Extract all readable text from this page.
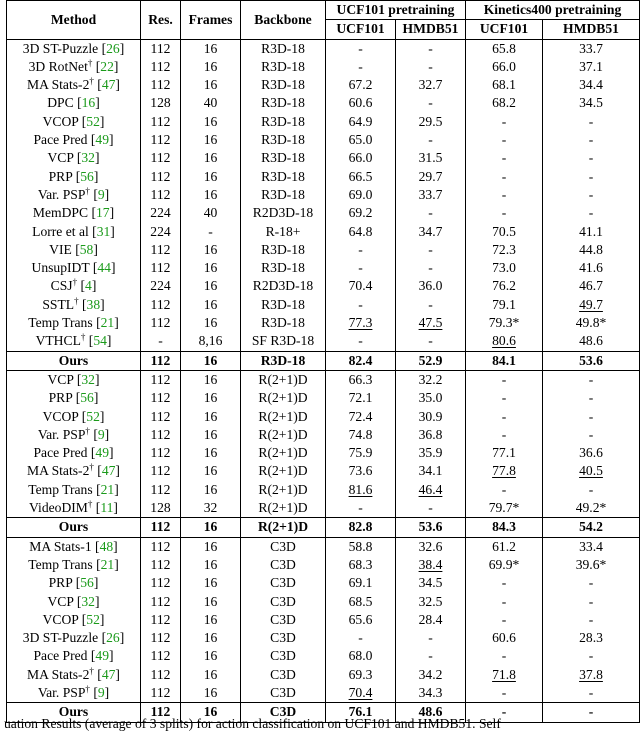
Method	Res.	Frames	Backbone	UCF101 pretraining		Kinetics400 pretraining	
				UCF101	HMDB51	UCF101	HMDB51
3D ST-Puzzle [26]	112	16	R3D-18	-	-	65.8	33.7
3D RotNet† [22]	112	16	R3D-18	-	-	66.0	37.1
MA Stats-2† [47]	112	16	R3D-18	67.2	32.7	68.1	34.4
DPC [16]	128	40	R3D-18	60.6	-	68.2	34.5
VCOP [52]	112	16	R3D-18	64.9	29.5	-	-
Pace Pred [49]	112	16	R3D-18	65.0	-	-	-
VCP [32]	112	16	R3D-18	66.0	31.5	-	-
PRP [56]	112	16	R3D-18	66.5	29.7	-	-
Var. PSP† [9]	112	16	R3D-18	69.0	33.7	-	-
MemDPC [17]	224	40	R2D3D-18	69.2	-	-	-
Lorre et al [31]	224	-	R-18+	64.8	34.7	70.5	41.1
VIE [58]	112	16	R3D-18	-	-	72.3	44.8
UnsupIDT [44]	112	16	R3D-18	-	-	73.0	41.6
CSJ† [4]	224	16	R2D3D-18	70.4	36.0	76.2	46.7
SSTL† [38]	112	16	R3D-18	-	-	79.1	49.7
Temp Trans [21]	112	16	R3D-18	77.3	47.5	79.3*	49.8*
VTHCL† [54]	-	8,16	SF R3D-18	-	-	80.6	48.6
Ours	112	16	R3D-18	82.4	52.9	84.1	53.6
VCP [32]	112	16	R(2+1)D	66.3	32.2	-	-
PRP [56]	112	16	R(2+1)D	72.1	35.0	-	-
VCOP [52]	112	16	R(2+1)D	72.4	30.9	-	-
Var. PSP† [9]	112	16	R(2+1)D	74.8	36.8	-	-
Pace Pred [49]	112	16	R(2+1)D	75.9	35.9	77.1	36.6
MA Stats-2† [47]	112	16	R(2+1)D	73.6	34.1	77.8	40.5
Temp Trans [21]	112	16	R(2+1)D	81.6	46.4	-	-
VideoDIM† [11]	128	32	R(2+1)D	-	-	79.7*	49.2*
Ours	112	16	R(2+1)D	82.8	53.6	84.3	54.2
MA Stats-1 [48]	112	16	C3D	58.8	32.6	61.2	33.4
Temp Trans [21]	112	16	C3D	68.3	38.4	69.9*	39.6*
PRP [56]	112	16	C3D	69.1	34.5	-	-
VCP [32]	112	16	C3D	68.5	32.5	-	-
VCOP [52]	112	16	C3D	65.6	28.4	-	-
3D ST-Puzzle [26]	112	16	C3D	-	-	60.6	28.3
Pace Pred [49]	112	16	C3D	68.0	-	-	-
MA Stats-2† [47]	112	16	C3D	69.3	34.2	71.8	37.8
Var. PSP† [9]	112	16	C3D	70.4	34.3	-	-
Ours	112	16	C3D	76.1	48.6	-	-
uation Results (average of 3 splits) for action classification on UCF101 and HMDB51. Self
